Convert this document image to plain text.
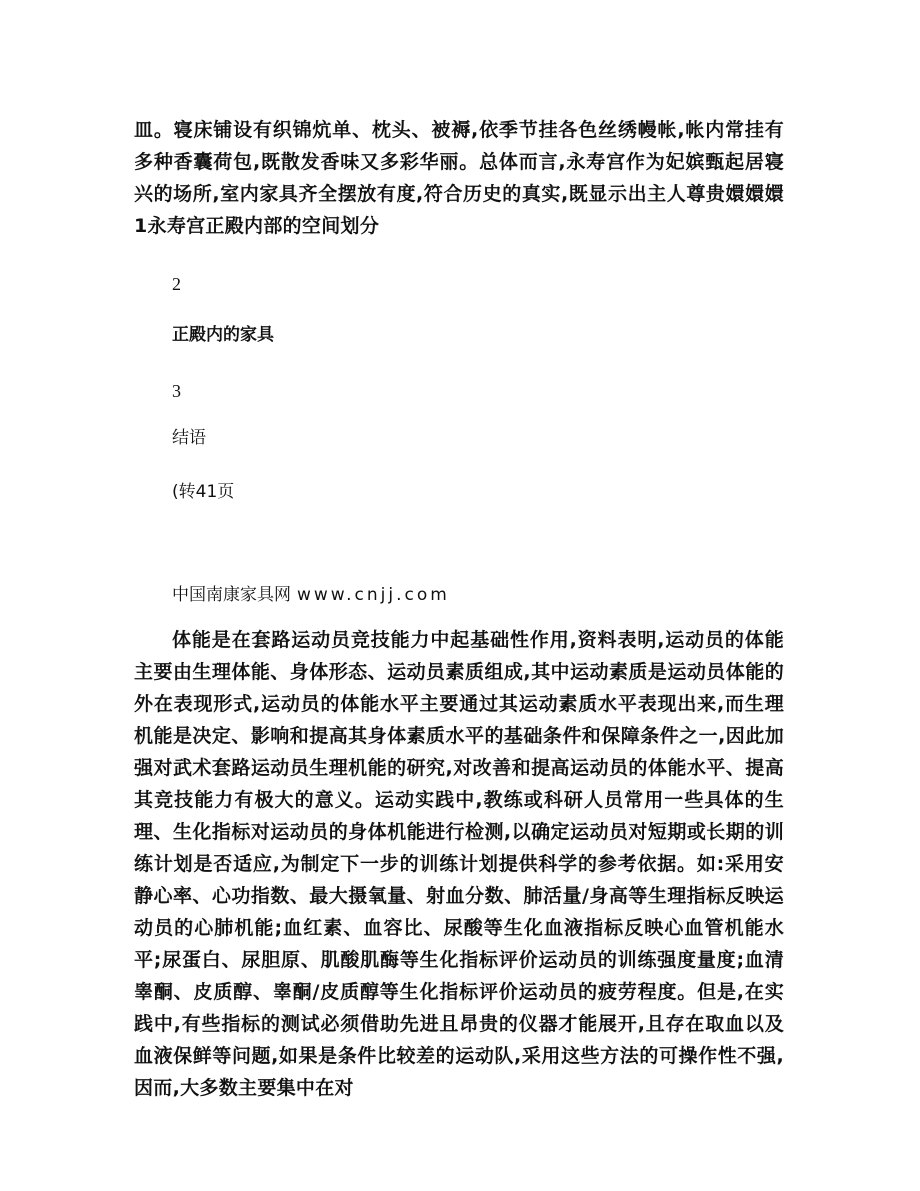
皿。寝床铺设有织锦炕单、枕头、被褥,依季节挂各色丝绣幔帐,帐内常挂有多种香囊荷包,既散发香味又多彩华丽。总体而言,永寿宫作为妃嫔甄起居寝兴的场所,室内家具齐全摆放有度,符合历史的真实,既显示出主人尊贵嬛嬛嬛1永寿宫正殿内部的空间划分

2

正殿内的家具

3

结语

(转41页

中国南康家具网 www.cnjj.com

体能是在套路运动员竞技能力中起基础性作用,资料表明,运动员的体能主要由生理体能、身体形态、运动员素质组成,其中运动素质是运动员体能的外在表现形式,运动员的体能水平主要通过其运动素质水平表现出来,而生理机能是决定、影响和提高其身体素质水平的基础条件和保障条件之一,因此加强对武术套路运动员生理机能的研究,对改善和提高运动员的体能水平、提高其竞技能力有极大的意义。运动实践中,教练或科研人员常用一些具体的生理、生化指标对运动员的身体机能进行检测,以确定运动员对短期或长期的训练计划是否适应,为制定下一步的训练计划提供科学的参考依据。如:采用安静心率、心功指数、最大摄氧量、射血分数、肺活量/身高等生理指标反映运动员的心肺机能;血红素、血容比、尿酸等生化血液指标反映心血管机能水平;尿蛋白、尿胆原、肌酸肌酶等生化指标评价运动员的训练强度量度;血清睾酮、皮质醇、睾酮/皮质醇等生化指标评价运动员的疲劳程度。但是,在实践中,有些指标的测试必须借助先进且昂贵的仪器才能展开,且存在取血以及血液保鲜等问题,如果是条件比较差的运动队,采用这些方法的可操作性不强,因而,大多数主要集中在对
